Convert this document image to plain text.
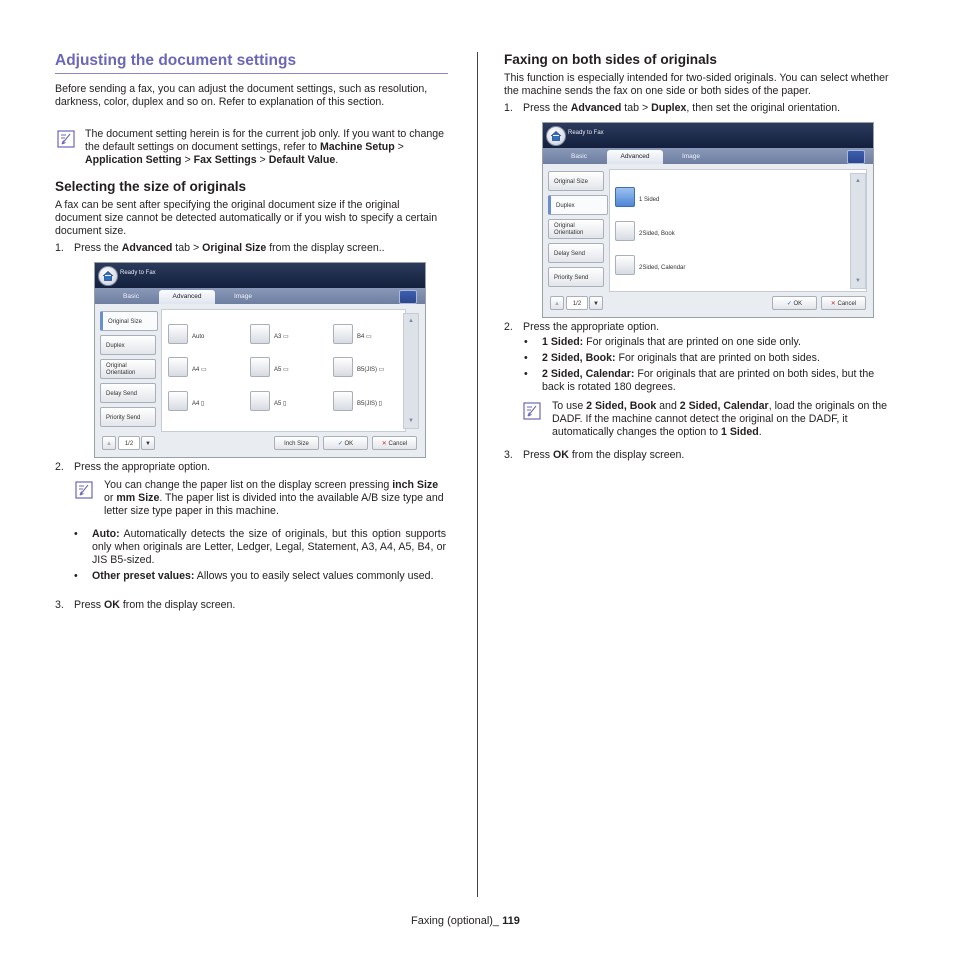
Adjusting the document settings
Before sending a fax, you can adjust the document settings, such as resolution, darkness, color, duplex and so on. Refer to explanation of this section.
The document setting herein is for the current job only. If you want to change the default settings on document settings, refer to Machine Setup > Application Setting > Fax Settings > Default Value.
Selecting the size of originals
A fax can be sent after specifying the original document size if the original document size cannot be detected automatically or if you wish to specify a certain document size.
1. Press the Advanced tab > Original Size from the display screen..
Ready to Fax
Basic	Advanced	Image
Original Size
Duplex
Original Orientation
Delay Send
Priority Send
Auto	A3 ▭	B4 ▭
A4 ▭	A5 ▭	B5(JIS) ▭
A4 ▯	A5 ▯	B5(JIS) ▯
▲
▼
▲	1/2	▼	Inch Size	✓ OK	✕ Cancel
2. Press the appropriate option.
You can change the paper list on the display screen pressing inch Size or mm Size. The paper list is divided into the available A/B size type and letter size type paper in this machine.
• Auto: Automatically detects the size of originals, but this option supports only when originals are Letter, Ledger, Legal, Statement, A3, A4, A5, B4, or JIS B5-sized.
• Other preset values: Allows you to easily select values commonly used.
3. Press OK from the display screen.
Faxing on both sides of originals
This function is especially intended for two-sided originals. You can select whether the machine sends the fax on one side or both sides of the paper.
1. Press the Advanced tab > Duplex, then set the original orientation.
Ready to Fax
Basic	Advanced	Image
Original Size
Duplex
Original Orientation
Delay Send
Priority Send
1 Sided
2Sided, Book
2Sided, Calendar
▲
▼
▲	1/2	▼	✓ OK	✕ Cancel
2. Press the appropriate option.
• 1 Sided: For originals that are printed on one side only.
• 2 Sided, Book: For originals that are printed on both sides.
• 2 Sided, Calendar: For originals that are printed on both sides, but the back is rotated 180 degrees.
To use 2 Sided, Book and 2 Sided, Calendar, load the originals on the DADF. If the machine cannot detect the original on the DADF, it automatically changes the option to 1 Sided.
3. Press OK from the display screen.
Faxing (optional)_ 119
